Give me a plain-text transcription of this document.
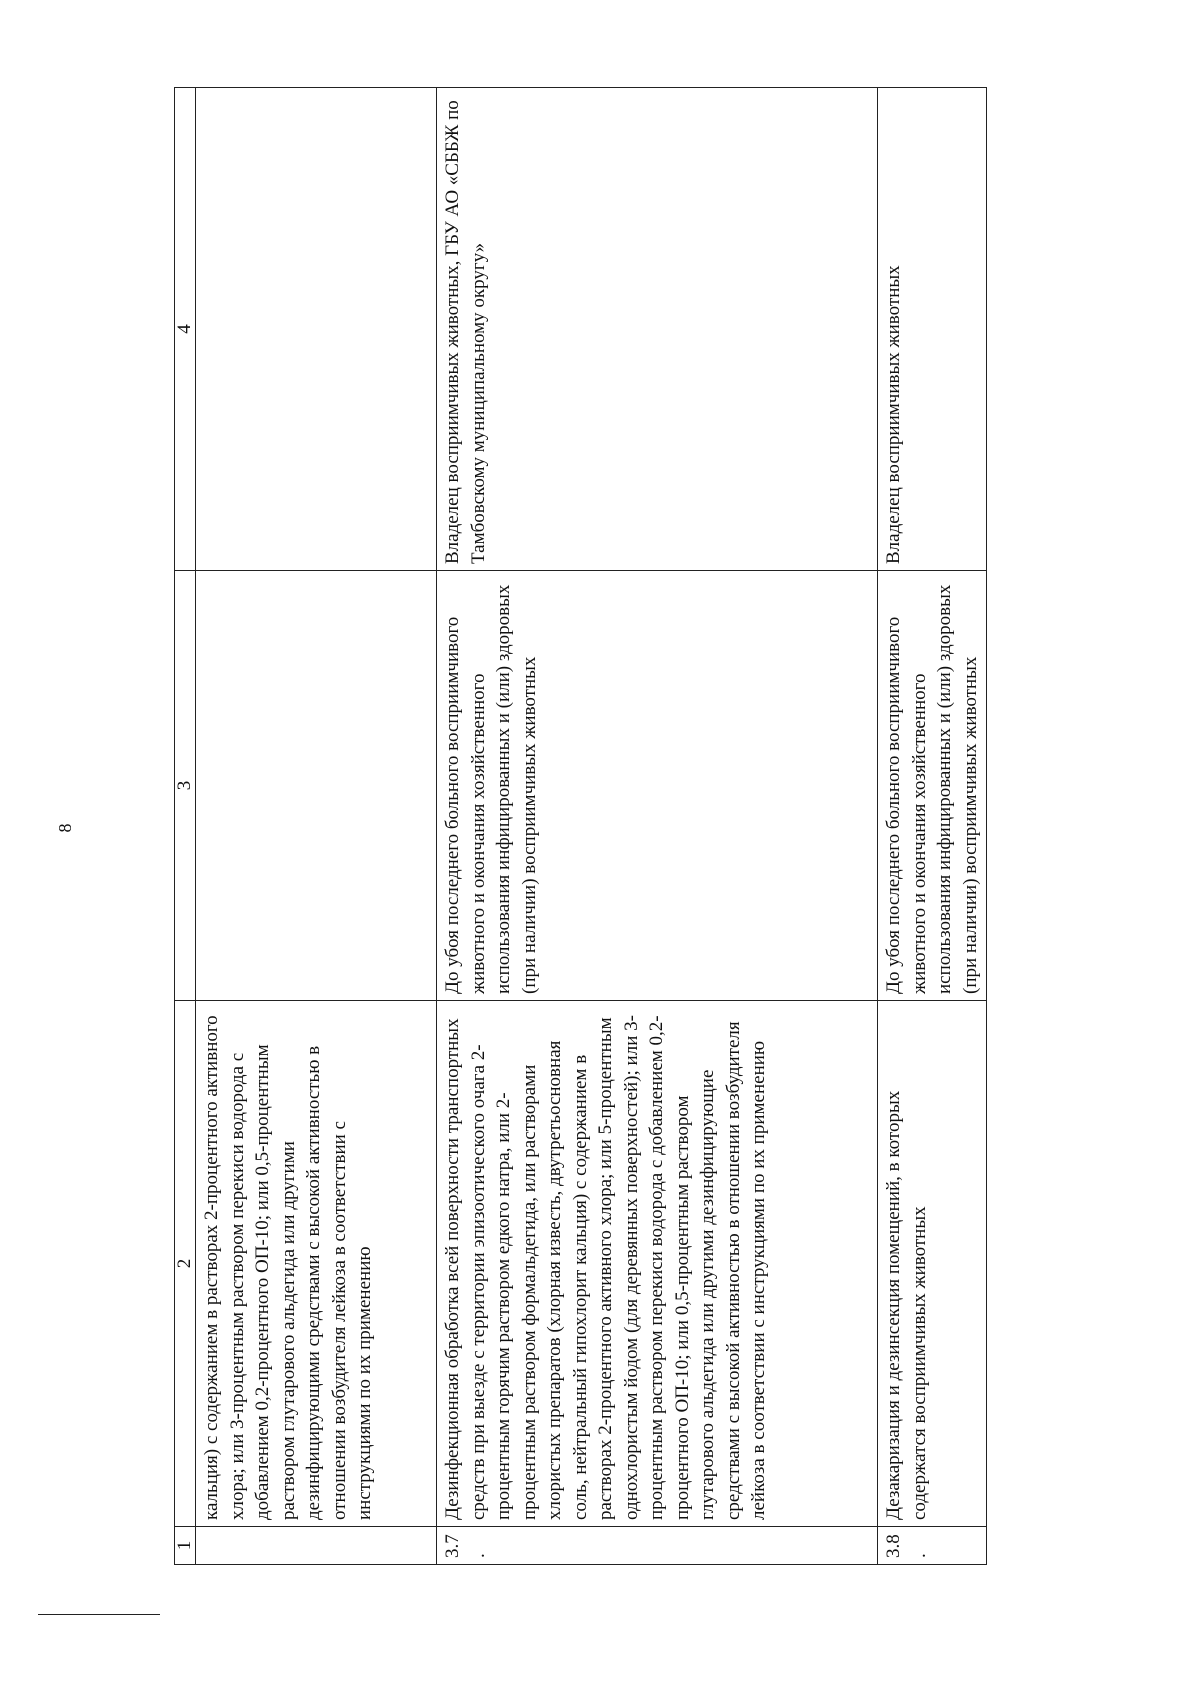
8
1	2	3	4
	кальция) с содержанием в растворах 2-процентного активного хлора; или 3-процентным раствором перекиси водорода с добавлением 0,2-процентного ОП-10; или 0,5-процентным раствором глутарового альдегида или другими дезинфицирующими средствами с высокой активностью в отношении возбудителя лейкоза в соответствии с инструкциями по их применению		
3.7.	Дезинфекционная обработка всей поверхности транспортных средств при выезде с территории эпизоотического очага 2-процентным горячим раствором едкого натра, или 2-процентным раствором формальдегида, или растворами хлористых препаратов (хлорная известь, двутретьосновная соль, нейтральный гипохлорит кальция) с содержанием в растворах 2-процентного активного хлора; или 5-процентным однохлористым йодом (для деревянных поверхностей); или 3-процентным раствором перекиси водорода с добавлением 0,2-процентного ОП-10; или 0,5-процентным раствором глутарового альдегида или другими дезинфицирующие средствами с высокой активностью в отношении возбудителя лейкоза в соответствии с инструкциями по их применению	До убоя последнего больного восприимчивого животного и окончания хозяйственного использования инфицированных и (или) здоровых (при наличии) восприимчивых животных	Владелец восприимчивых животных, ГБУ АО «СББЖ по Тамбовскому муниципальному округу»
3.8.	Дезакаризация и дезинсекция помещений, в которых содержатся восприимчивых животных	До убоя последнего больного восприимчивого животного и окончания хозяйственного использования инфицированных и (или) здоровых (при наличии) восприимчивых животных	Владелец восприимчивых животных
